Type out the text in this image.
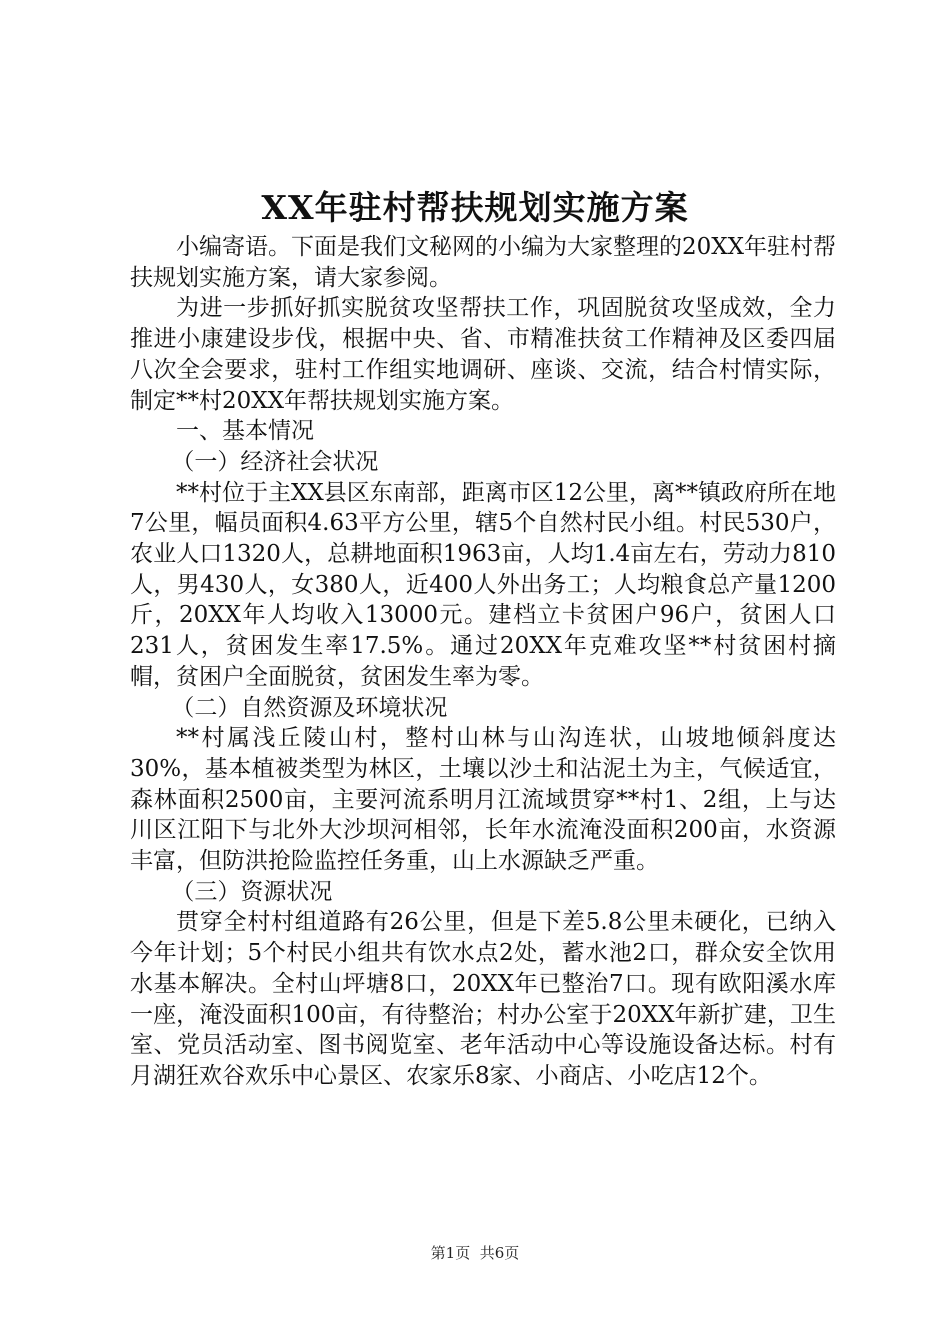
XX年驻村帮扶规划实施方案

小编寄语。下面是我们文秘网的小编为大家整理的20XX年驻村帮扶规划实施方案，请大家参阅。

为进一步抓好抓实脱贫攻坚帮扶工作，巩固脱贫攻坚成效，全力推进小康建设步伐，根据中央、省、市精准扶贫工作精神及区委四届八次全会要求，驻村工作组实地调研、座谈、交流，结合村情实际，制定**村20XX年帮扶规划实施方案。

一、基本情况

（一）经济社会状况

**村位于主XX县区东南部，距离市区12公里，离**镇政府所在地7公里，幅员面积4.63平方公里，辖5个自然村民小组。村民530户，农业人口1320人，总耕地面积1963亩，人均1.4亩左右，劳动力810人，男430人，女380人，近400人外出务工；人均粮食总产量1200斤，20XX年人均收入13000元。建档立卡贫困户96户，贫困人口231人，贫困发生率17.5%。通过20XX年克难攻坚**村贫困村摘帽，贫困户全面脱贫，贫困发生率为零。

（二）自然资源及环境状况

**村属浅丘陵山村，整村山林与山沟连状，山坡地倾斜度达30%，基本植被类型为林区，土壤以沙土和沾泥土为主，气候适宜，森林面积2500亩，主要河流系明月江流域贯穿**村1、2组，上与达川区江阳下与北外大沙坝河相邻，长年水流淹没面积200亩，水资源丰富，但防洪抢险监控任务重，山上水源缺乏严重。

（三）资源状况

贯穿全村村组道路有26公里，但是下差5.8公里未硬化，已纳入今年计划；5个村民小组共有饮水点2处，蓄水池2口，群众安全饮用水基本解决。全村山坪塘8口，20XX年已整治7口。现有欧阳溪水库一座，淹没面积100亩，有待整治；村办公室于20XX年新扩建，卫生室、党员活动室、图书阅览室、老年活动中心等设施设备达标。村有月湖狂欢谷欢乐中心景区、农家乐8家、小商店、小吃店12个。

第1页 共6页
